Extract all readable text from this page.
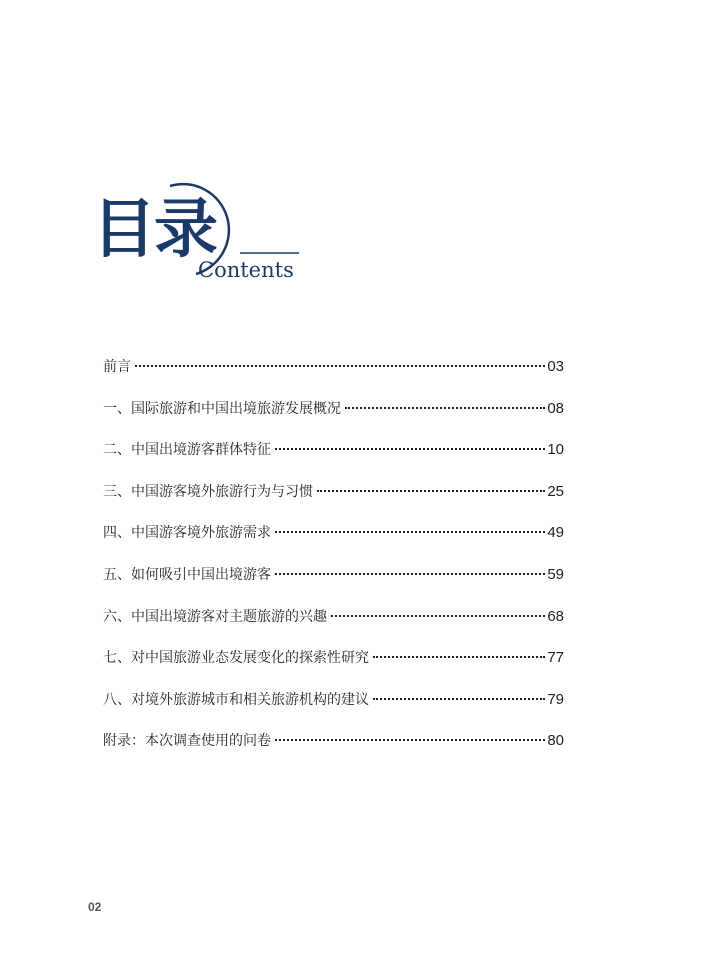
目录
Contents
前言	03
一、国际旅游和中国出境旅游发展概况	08
二、中国出境游客群体特征	10
三、中国游客境外旅游行为与习惯	25
四、中国游客境外旅游需求	49
五、如何吸引中国出境游客	59
六、中国出境游客对主题旅游的兴趣	68
七、对中国旅游业态发展变化的探索性研究	77
八、对境外旅游城市和相关旅游机构的建议	79
附录：本次调查使用的问卷	80
02
